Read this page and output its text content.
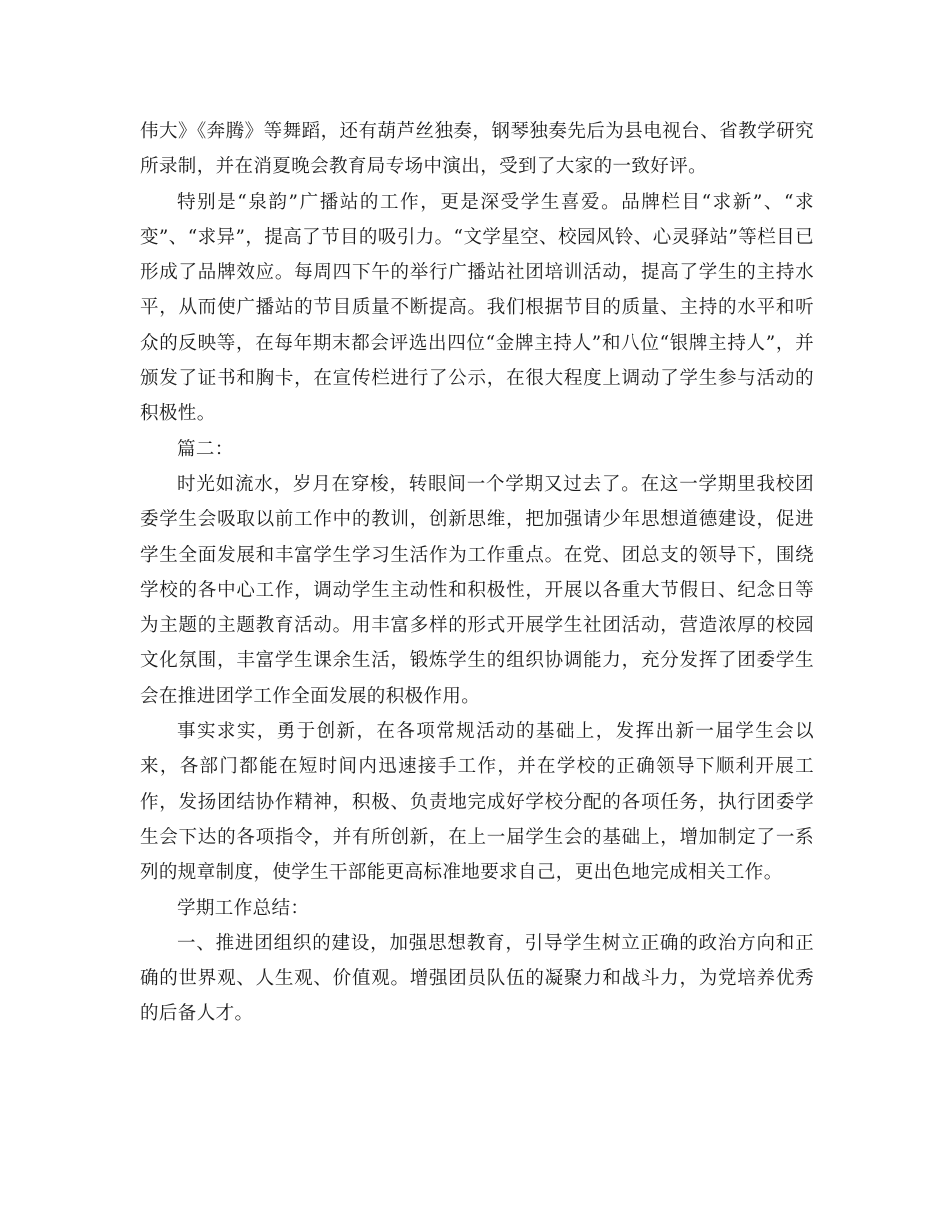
伟大》《奔腾》等舞蹈，还有葫芦丝独奏，钢琴独奏先后为县电视台、省教学研究所录制，并在消夏晚会教育局专场中演出，受到了大家的一致好评。

特别是“泉韵”广播站的工作，更是深受学生喜爱。品牌栏目“求新”、“求变”、“求异”，提高了节目的吸引力。“文学星空、校园风铃、心灵驿站”等栏目已形成了品牌效应。每周四下午的举行广播站社团培训活动，提高了学生的主持水平，从而使广播站的节目质量不断提高。我们根据节目的质量、主持的水平和听众的反映等，在每年期末都会评选出四位“金牌主持人”和八位“银牌主持人”，并颁发了证书和胸卡，在宣传栏进行了公示，在很大程度上调动了学生参与活动的积极性。

篇二：

时光如流水，岁月在穿梭，转眼间一个学期又过去了。在这一学期里我校团委学生会吸取以前工作中的教训，创新思维，把加强请少年思想道德建设，促进学生全面发展和丰富学生学习生活作为工作重点。在党、团总支的领导下，围绕学校的各中心工作，调动学生主动性和积极性，开展以各重大节假日、纪念日等为主题的主题教育活动。用丰富多样的形式开展学生社团活动，营造浓厚的校园文化氛围，丰富学生课余生活，锻炼学生的组织协调能力，充分发挥了团委学生会在推进团学工作全面发展的积极作用。

事实求实，勇于创新，在各项常规活动的基础上，发挥出新一届学生会以来，各部门都能在短时间内迅速接手工作，并在学校的正确领导下顺利开展工作，发扬团结协作精神，积极、负责地完成好学校分配的各项任务，执行团委学生会下达的各项指令，并有所创新，在上一届学生会的基础上，增加制定了一系列的规章制度，使学生干部能更高标准地要求自己，更出色地完成相关工作。

学期工作总结：

一、推进团组织的建设，加强思想教育，引导学生树立正确的政治方向和正确的世界观、人生观、价值观。增强团员队伍的凝聚力和战斗力，为党培养优秀的后备人才。
